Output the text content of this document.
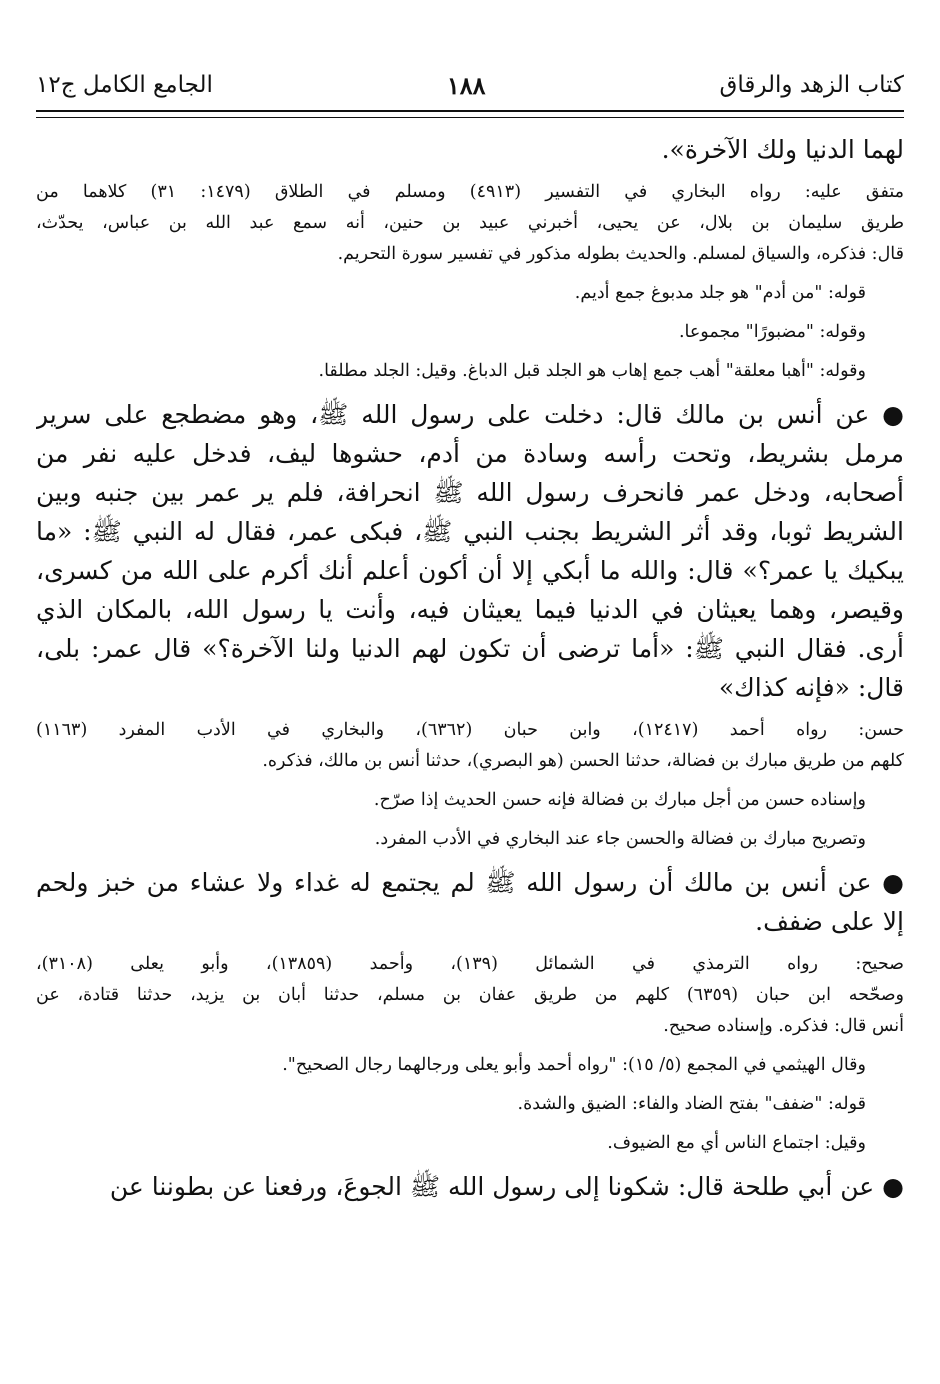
كتاب الزهد والرقاق
١٨٨
الجامع الكامل ج١٢
لهما الدنيا ولك الآخرة».
متفق عليه: رواه البخاري في التفسير (٤٩١٣) ومسلم في الطلاق (١٤٧٩: ٣١) كلاهما من
طريق سليمان بن بلال، عن يحيى، أخبرني عبيد بن حنين، أنه سمع عبد الله بن عباس، يحدّث،
قال: فذكره، والسياق لمسلم. والحديث بطوله مذكور في تفسير سورة التحريم.
قوله: "من أدم" هو جلد مدبوغ جمع أديم.
وقوله: "مضبورًا" مجموعا.
وقوله: "أهبا معلقة" أهب جمع إهاب هو الجلد قبل الدباغ. وقيل: الجلد مطلقا.
● عن أنس بن مالك قال: دخلت على رسول الله ﷺ، وهو مضطجع على سرير
مرمل بشريط، وتحت رأسه وسادة من أدم، حشوها ليف، فدخل عليه نفر من
أصحابه، ودخل عمر فانحرف رسول الله ﷺ انحرافة، فلم ير عمر بين جنبه وبين
الشريط ثوبا، وقد أثر الشريط بجنب النبي ﷺ، فبكى عمر، فقال له النبي ﷺ: «ما
يبكيك يا عمر؟» قال: والله ما أبكي إلا أن أكون أعلم أنك أكرم على الله من كسرى،
وقيصر، وهما يعيثان في الدنيا فيما يعيثان فيه، وأنت يا رسول الله، بالمكان الذي
أرى. فقال النبي ﷺ: «أما ترضى أن تكون لهم الدنيا ولنا الآخرة؟» قال عمر: بلى،
قال: «فإنه كذاك»
حسن: رواه أحمد (١٢٤١٧)، وابن حبان (٦٣٦٢)، والبخاري في الأدب المفرد (١١٦٣)
كلهم من طريق مبارك بن فضالة، حدثنا الحسن (هو البصري)، حدثنا أنس بن مالك، فذكره.
وإسناده حسن من أجل مبارك بن فضالة فإنه حسن الحديث إذا صرّح.
وتصريح مبارك بن فضالة والحسن جاء عند البخاري في الأدب المفرد.
● عن أنس بن مالك أن رسول الله ﷺ لم يجتمع له غداء ولا عشاء من خبز ولحم
إلا على ضفف.
صحيح: رواه الترمذي في الشمائل (١٣٩)، وأحمد (١٣٨٥٩)، وأبو يعلى (٣١٠٨)،
وصحّحه ابن حبان (٦٣٥٩) كلهم من طريق عفان بن مسلم، حدثنا أبان بن يزيد، حدثنا قتادة، عن
أنس قال: فذكره. وإسناده صحيح.
وقال الهيثمي في المجمع (٥/ ١٥): "رواه أحمد وأبو يعلى ورجالهما رجال الصحيح".
قوله: "ضفف" بفتح الضاد والفاء: الضيق والشدة.
وقيل: اجتماع الناس أي مع الضيوف.
● عن أبي طلحة قال: شكونا إلى رسول الله ﷺ الجوعَ، ورفعنا عن بطوننا عن
